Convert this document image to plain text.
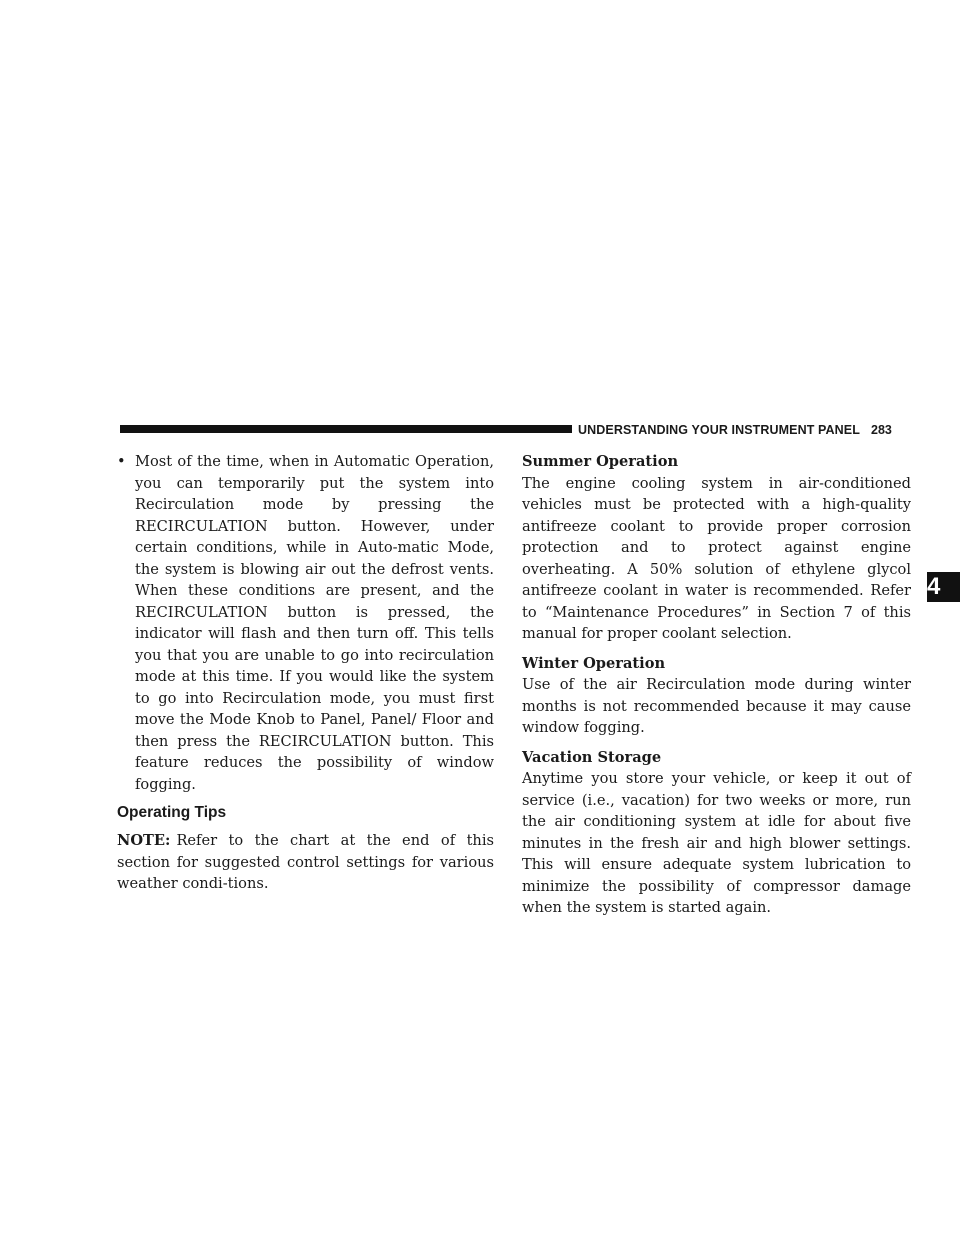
UNDERSTANDING YOUR INSTRUMENT PANEL 283
4
• Most of the time, when in Automatic Operation, you can temporarily put the system into Recirculation mode by pressing the RECIRCULATION button. However, under certain conditions, while in Auto-matic Mode, the system is blowing air out the defrost vents. When these conditions are present, and the RECIRCULATION button is pressed, the indicator will flash and then turn off. This tells you that you are unable to go into recirculation mode at this time. If you would like the system to go into Recirculation mode, you must first move the Mode Knob to Panel, Panel/ Floor and then press the RECIRCULATION button. This feature reduces the possibility of window fogging.
Operating Tips

NOTE: Refer to the chart at the end of this section for suggested control settings for various weather condi-tions.

Summer Operation

The engine cooling system in air-conditioned vehicles must be protected with a high-quality antifreeze coolant to provide proper corrosion protection and to protect against engine overheating. A 50% solution of ethylene glycol antifreeze coolant in water is recommended. Refer to “Maintenance Procedures” in Section 7 of this manual for proper coolant selection.

Winter Operation

Use of the air Recirculation mode during winter months is not recommended because it may cause window fogging.

Vacation Storage

Anytime you store your vehicle, or keep it out of service (i.e., vacation) for two weeks or more, run the air conditioning system at idle for about five minutes in the fresh air and high blower settings. This will ensure adequate system lubrication to minimize the possibility of compressor damage when the system is started again.
